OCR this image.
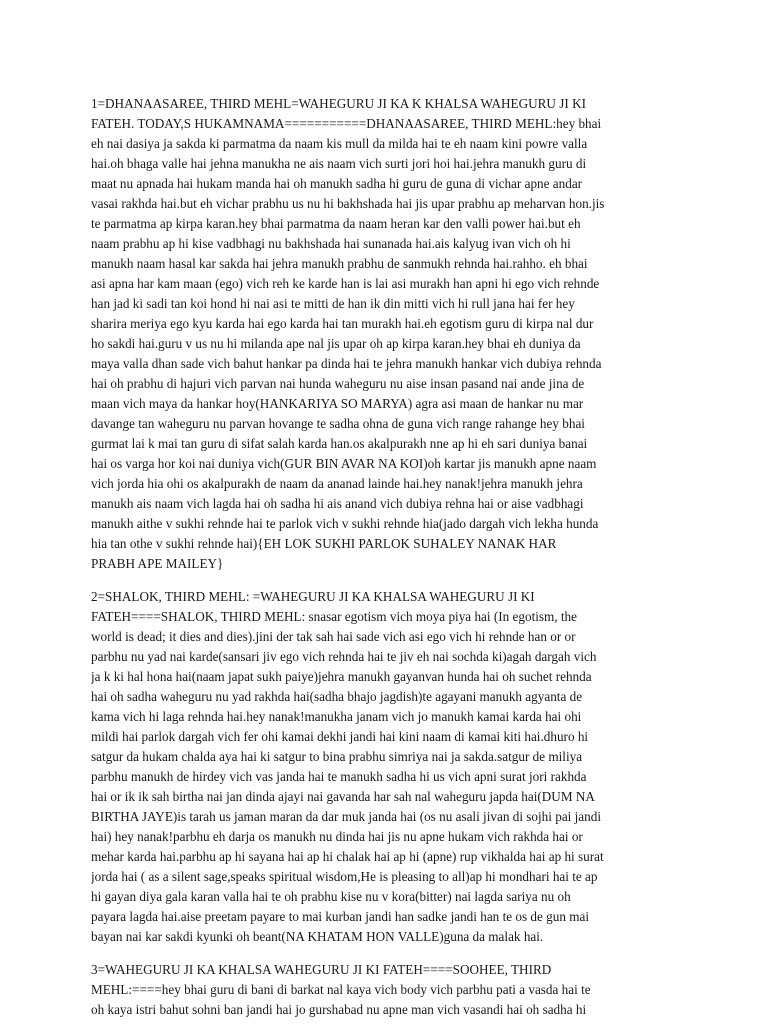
1=DHANAASAREE, THIRD MEHL=WAHEGURU JI KA K KHALSA WAHEGURU JI KI
FATEH. TODAY,S HUKAMNAMA===========DHANAASAREE, THIRD MEHL:hey bhai
eh nai dasiya ja sakda ki parmatma da naam kis mull da milda hai te eh naam kini powre valla
hai.oh bhaga valle hai jehna manukha ne ais naam vich surti jori hoi hai.jehra manukh guru di
maat nu apnada hai hukam manda hai oh manukh sadha hi guru de guna di vichar apne andar
vasai rakhda hai.but eh vichar prabhu us nu hi bakhshada hai jis upar prabhu ap meharvan hon.jis
te parmatma ap kirpa karan.hey bhai parmatma da naam heran kar den valli power hai.but eh
naam prabhu ap hi kise vadbhagi nu bakhshada hai sunanada hai.ais kalyug ivan vich oh hi
manukh naam hasal kar sakda hai jehra manukh prabhu de sanmukh rehnda hai.rahho. eh bhai
asi apna har kam maan (ego) vich reh ke karde han is lai asi murakh han apni hi ego vich rehnde
han jad ki sadi tan koi hond hi nai asi te mitti de han ik din mitti vich hi rull jana hai fer hey
sharira meriya ego kyu karda hai ego karda hai tan murakh hai.eh egotism guru di kirpa nal dur
ho sakdi hai.guru v us nu hi milanda ape nal jis upar oh ap kirpa karan.hey bhai eh duniya da
maya valla dhan sade vich bahut hankar pa dinda hai te jehra manukh hankar vich dubiya rehnda
hai oh prabhu di hajuri vich parvan nai hunda waheguru nu aise insan pasand nai ande jina de
maan vich maya da hankar hoy(HANKARIYA SO MARYA) agra asi maan de hankar nu mar
davange tan waheguru nu parvan hovange te sadha ohna de guna vich range rahange hey bhai
gurmat lai k mai tan guru di sifat salah karda han.os akalpurakh nne ap hi eh sari duniya banai
hai os varga hor koi nai duniya vich(GUR BIN AVAR NA KOI)oh kartar jis manukh apne naam
vich jorda hia ohi os akalpurakh de naam da ananad lainde hai.hey nanak!jehra manukh jehra
manukh ais naam vich lagda hai oh sadha hi ais anand vich dubiya rehna hai or aise vadbhagi
manukh aithe v sukhi rehnde hai te parlok vich v sukhi rehnde hia(jado dargah vich lekha hunda
hia tan othe v sukhi rehnde hai){EH LOK SUKHI PARLOK SUHALEY NANAK HAR
PRABH APE MAILEY}
2=SHALOK, THIRD MEHL: =WAHEGURU JI KA KHALSA WAHEGURU JI KI
FATEH====SHALOK, THIRD MEHL: snasar egotism vich moya piya hai (In egotism, the
world is dead; it dies and dies).jini der tak sah hai sade vich asi ego vich hi rehnde han or or
parbhu nu yad nai karde(sansari jiv ego vich rehnda hai te jiv eh nai sochda ki)agah dargah vich
ja k ki hal hona hai(naam japat sukh paiye)jehra manukh gayanvan hunda hai oh suchet rehnda
hai oh sadha waheguru nu yad rakhda hai(sadha bhajo jagdish)te agayani manukh agyanta de
kama vich hi laga rehnda hai.hey nanak!manukha janam vich jo manukh kamai karda hai ohi
mildi hai parlok dargah vich fer ohi kamai dekhi jandi hai kini naam di kamai kiti hai.dhuro hi
satgur da hukam chalda aya hai ki satgur to bina prabhu simriya nai ja sakda.satgur de miliya
parbhu manukh de hirdey vich vas janda hai te manukh sadha hi us vich apni surat jori rakhda
hai or ik ik sah birtha nai jan dinda ajayi nai gavanda har sah nal waheguru japda hai(DUM NA
BIRTHA JAYE)is tarah us jaman maran da dar muk janda hai (os nu asali jivan di sojhi pai jandi
hai) hey nanak!parbhu eh darja os manukh nu dinda hai jis nu apne hukam vich rakhda hai or
mehar karda hai.parbhu ap hi sayana hai ap hi chalak hai ap hi (apne) rup vikhalda hai ap hi surat
jorda hai ( as a silent sage,speaks spiritual wisdom,He is pleasing to all)ap hi mondhari hai te ap
hi gayan diya gala karan valla hai te oh prabhu kise nu v kora(bitter) nai lagda sariya nu oh
payara lagda hai.aise preetam payare to mai kurban jandi han sadke jandi han te os de gun mai
bayan nai kar sakdi kyunki oh beant(NA KHATAM HON VALLE)guna da malak hai.
3=WAHEGURU JI KA KHALSA WAHEGURU JI KI FATEH====SOOHEE, THIRD
MEHL:====hey bhai guru di bani di barkat nal kaya vich body vich parbhu pati a vasda hai te
oh kaya istri bahut sohni ban jandi hai jo gurshabad nu apne man vich vasandi hai oh sadha hi
